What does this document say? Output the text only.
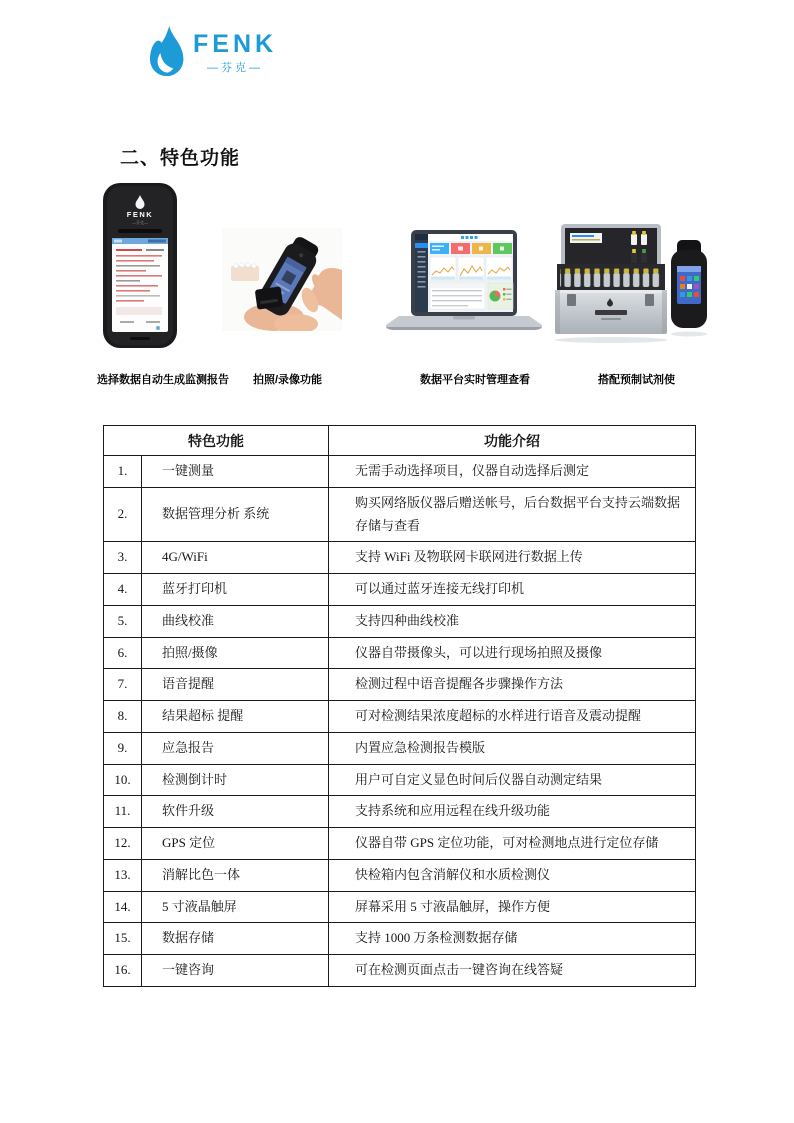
FENK
—芬克—
二、特色功能
FENK
—芬克—
选择数据自动生成监测报告 拍照/录像功能	数据平台实时管理查看	搭配预制试剂使
特色功能		功能介绍
1.	一键测量	无需手动选择项目，仪器自动选择后测定
2.	数据管理分析 系统	购买网络版仪器后赠送帐号，后台数据平台支持云端数据存储与查看
3.	4G/WiFi	支持 WiFi 及物联网卡联网进行数据上传
4.	蓝牙打印机	可以通过蓝牙连接无线打印机
5.	曲线校准	支持四种曲线校准
6.	拍照/摄像	仪器自带摄像头，可以进行现场拍照及摄像
7.	语音提醒	检测过程中语音提醒各步骤操作方法
8.	结果超标 提醒	可对检测结果浓度超标的水样进行语音及震动提醒
9.	应急报告	内置应急检测报告模版
10.	检测倒计时	用户可自定义显色时间后仪器自动测定结果
11.	软件升级	支持系统和应用远程在线升级功能
12.	GPS 定位	仪器自带 GPS 定位功能，可对检测地点进行定位存储
13.	消解比色一体	快检箱内包含消解仪和水质检测仪
14.	5 寸液晶触屏	屏幕采用 5 寸液晶触屏，操作方便
15.	数据存储	支持 1000 万条检测数据存储
16.	一键咨询	可在检测页面点击一键咨询在线答疑
